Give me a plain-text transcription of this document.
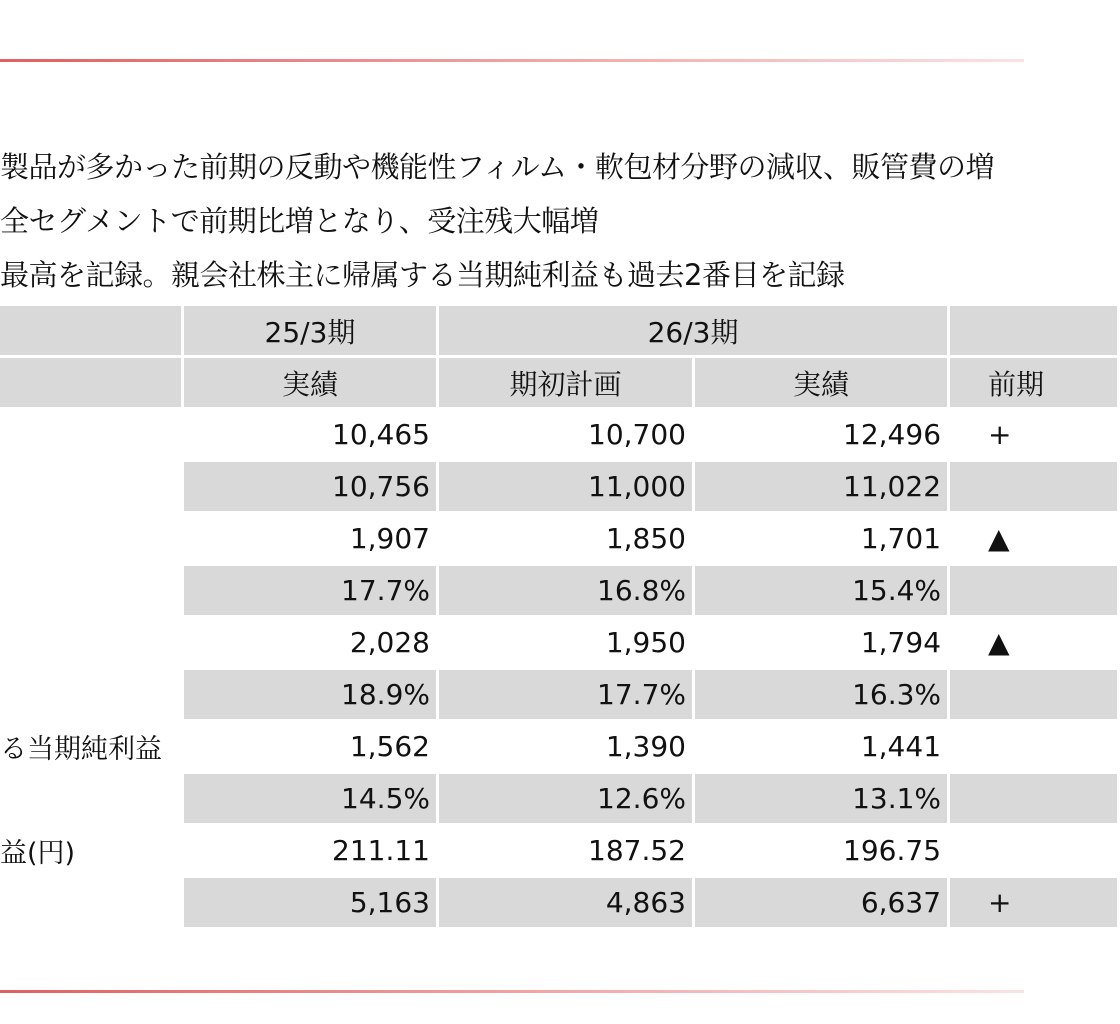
製品が多かった前期の反動や機能性フィルム・軟包材分野の減収、販管費の増
全セグメントで前期比増となり、受注残大幅増
最高を記録。親会社株主に帰属する当期純利益も過去2番目を記録
	25/3期	26/3期		
	実績	期初計画	実績	前期
	10,465	10,700	12,496	+
	10,756	11,000	11,022	
	1,907	1,850	1,701	▲
	17.7%	16.8%	15.4%	
	2,028	1,950	1,794	▲
	18.9%	17.7%	16.3%	
る当期純利益	1,562	1,390	1,441	
	14.5%	12.6%	13.1%	
益(円)	211.11	187.52	196.75	
	5,163	4,863	6,637	+
